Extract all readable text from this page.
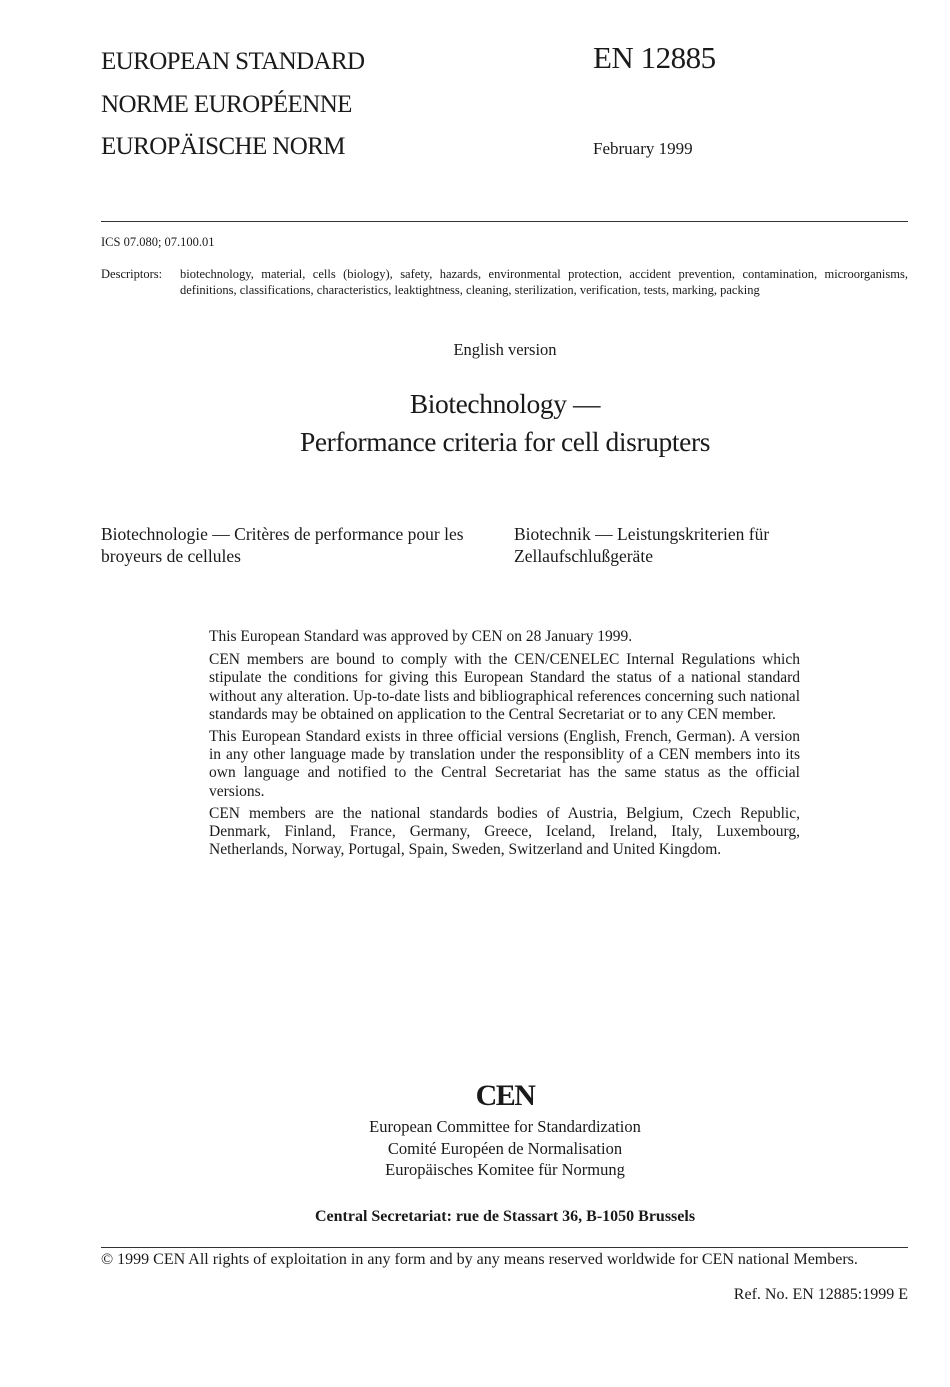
EUROPEAN STANDARD
NORME EUROPÉENNE
EUROPÄISCHE NORM
EN 12885
February 1999
ICS 07.080; 07.100.01
Descriptors: biotechnology, material, cells (biology), safety, hazards, environmental protection, accident prevention, contamination, microorganisms, definitions, classifications, characteristics, leaktightness, cleaning, sterilization, verification, tests, marking, packing
English version
Biotechnology —
Performance criteria for cell disrupters
Biotechnologie — Critères de performance pour les broyeurs de cellules
Biotechnik — Leistungskriterien für Zellaufschlußgeräte

This European Standard was approved by CEN on 28 January 1999.

CEN members are bound to comply with the CEN/CENELEC Internal Regulations which stipulate the conditions for giving this European Standard the status of a national standard without any alteration. Up-to-date lists and bibliographical references concerning such national standards may be obtained on application to the Central Secretariat or to any CEN member.

This European Standard exists in three official versions (English, French, German). A version in any other language made by translation under the responsiblity of a CEN members into its own language and notified to the Central Secretariat has the same status as the official versions.

CEN members are the national standards bodies of Austria, Belgium, Czech Republic, Denmark, Finland, France, Germany, Greece, Iceland, Ireland, Italy, Luxembourg, Netherlands, Norway, Portugal, Spain, Sweden, Switzerland and United Kingdom.

CEN
European Committee for Standardization
Comité Européen de Normalisation
Europäisches Komitee für Normung
Central Secretariat: rue de Stassart 36, B-1050 Brussels
© 1999 CEN All rights of exploitation in any form and by any means reserved worldwide for CEN national Members.
Ref. No. EN 12885:1999 E
